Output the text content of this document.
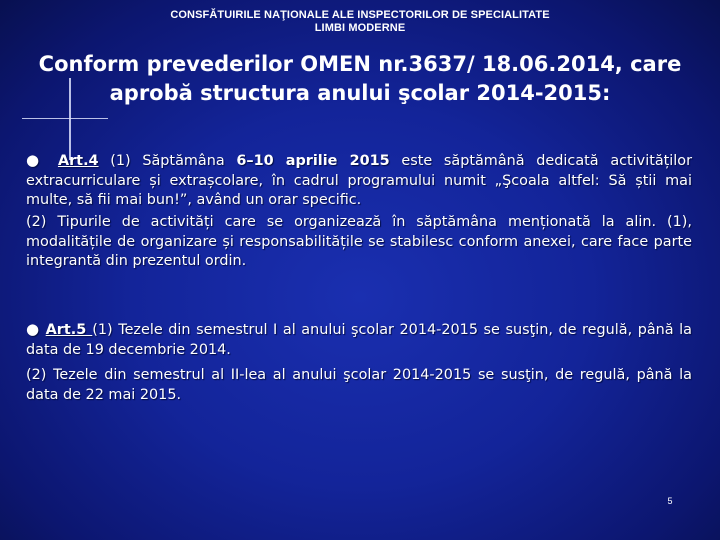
CONSFĂTUIRILE NAŢIONALE ALE INSPECTORILOR DE SPECIALITATE
LIMBI MODERNE
Conform prevederilor OMEN nr.3637/ 18.06.2014, care
aprobă structura anului şcolar 2014-2015:
● Art.4 (1) Săptămâna 6–10 aprilie 2015 este săptămână dedicată activităților extracurriculare și extrașcolare, în cadrul programului numit „Şcoala altfel: Să știi mai multe, să fii mai bun!”, având un orar specific.
(2) Tipurile de activități care se organizează în săptămâna menționată la alin. (1), modalitățile de organizare și responsabilitățile se stabilesc conform anexei, care face parte integrantă din prezentul ordin.
● Art.5 (1) Tezele din semestrul I al anului şcolar 2014-2015 se susţin, de regulă, până la data de 19 decembrie 2014.
(2) Tezele din semestrul al II-lea al anului şcolar 2014-2015 se susţin, de regulă, până la data de 22 mai 2015.
5
